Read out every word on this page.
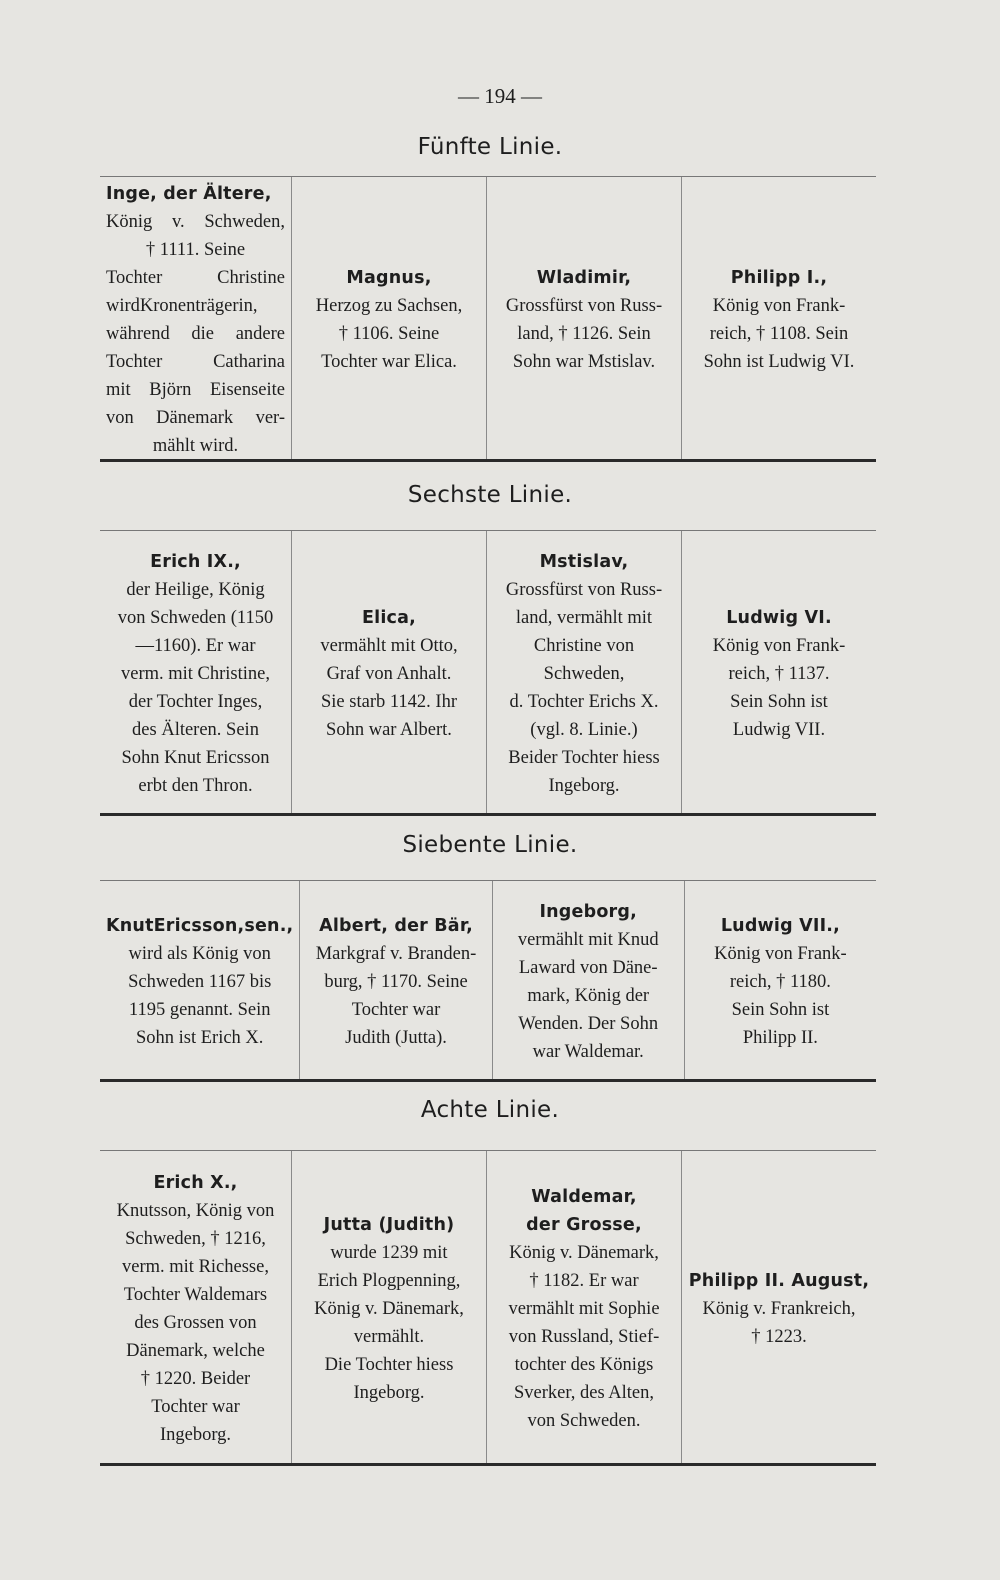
— 194 —
Fünfte Linie.
Inge, der Ältere,
König v. Schweden,
† 1111. Seine
Tochter Christine
wirdKronenträgerin,
während die andere
Tochter Catharina
mit Björn Eisenseite
von Dänemark ver-
mählt wird.
Magnus,
Herzog zu Sachsen,
† 1106. Seine
Tochter war Elica.
Wladimir,
Grossfürst von Russ-
land, † 1126. Sein
Sohn war Mstislav.
Philipp I.,
König von Frank-
reich, † 1108. Sein
Sohn ist Ludwig VI.
Sechste Linie.
Erich IX.,
der Heilige, König
von Schweden (1150
—1160). Er war
verm. mit Christine,
der Tochter Inges,
des Älteren. Sein
Sohn Knut Ericsson
erbt den Thron.
Elica,
vermählt mit Otto,
Graf von Anhalt.
Sie starb 1142. Ihr
Sohn war Albert.
Mstislav,
Grossfürst von Russ-
land, vermählt mit
Christine von
Schweden,
d. Tochter Erichs X.
(vgl. 8. Linie.)
Beider Tochter hiess
Ingeborg.
Ludwig VI.
König von Frank-
reich, † 1137.
Sein Sohn ist
Ludwig VII.
Siebente Linie.
KnutEricsson,sen.,
wird als König von
Schweden 1167 bis
1195 genannt. Sein
Sohn ist Erich X.
Albert, der Bär,
Markgraf v. Branden-
burg, † 1170. Seine
Tochter war
Judith (Jutta).
Ingeborg,
vermählt mit Knud
Laward von Däne-
mark, König der
Wenden. Der Sohn
war Waldemar.
Ludwig VII.,
König von Frank-
reich, † 1180.
Sein Sohn ist
Philipp II.
Achte Linie.
Erich X.,
Knutsson, König von
Schweden, † 1216,
verm. mit Richesse,
Tochter Waldemars
des Grossen von
Dänemark, welche
† 1220. Beider
Tochter war
Ingeborg.
Jutta (Judith)
wurde 1239 mit
Erich Plogpenning,
König v. Dänemark,
vermählt.
Die Tochter hiess
Ingeborg.
Waldemar,
der Grosse,
König v. Dänemark,
† 1182. Er war
vermählt mit Sophie
von Russland, Stief-
tochter des Königs
Sverker, des Alten,
von Schweden.
Philipp II. August,
König v. Frankreich,
† 1223.
